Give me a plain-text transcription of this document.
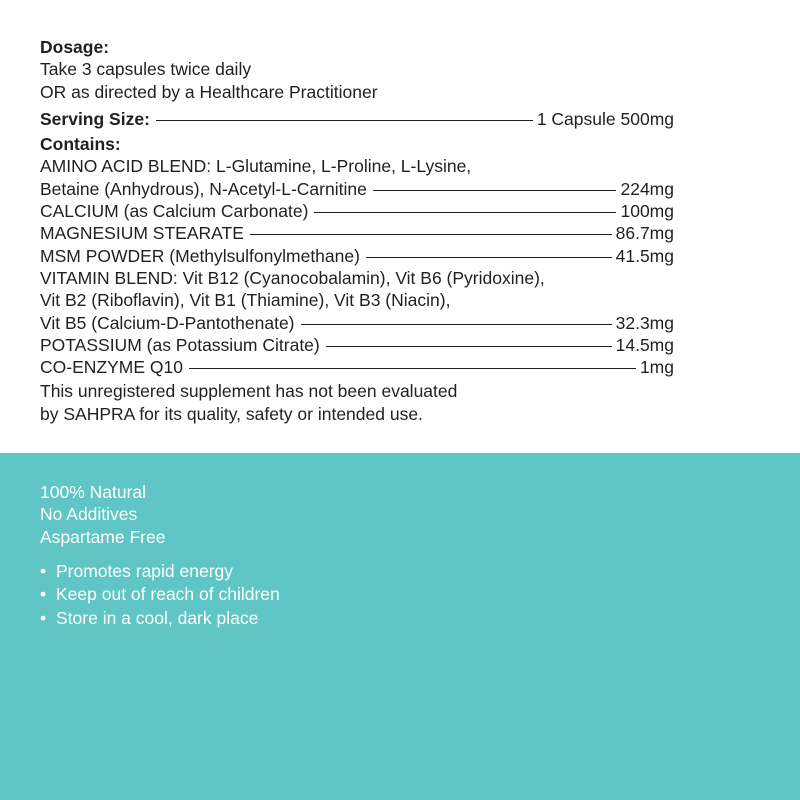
Dosage:
Take 3 capsules twice daily
OR as directed by a Healthcare Practitioner
Serving Size:	1 Capsule 500mg
Contains:
AMINO ACID BLEND: L-Glutamine, L-Proline, L-Lysine,
Betaine (Anhydrous), N-Acetyl-L-Carnitine	224mg
CALCIUM (as Calcium Carbonate)	100mg
MAGNESIUM STEARATE	86.7mg
MSM POWDER (Methylsulfonylmethane)	41.5mg
VITAMIN BLEND: Vit B12 (Cyanocobalamin), Vit B6 (Pyridoxine),
Vit B2 (Riboflavin), Vit B1 (Thiamine), Vit B3 (Niacin),
Vit B5 (Calcium-D-Pantothenate)	32.3mg
POTASSIUM (as Potassium Citrate)	14.5mg
CO-ENZYME Q10	1mg
This unregistered supplement has not been evaluated
by SAHPRA for its quality, safety or intended use.
100% Natural
No Additives
Aspartame Free
• Promotes rapid energy
• Keep out of reach of children
• Store in a cool, dark place
